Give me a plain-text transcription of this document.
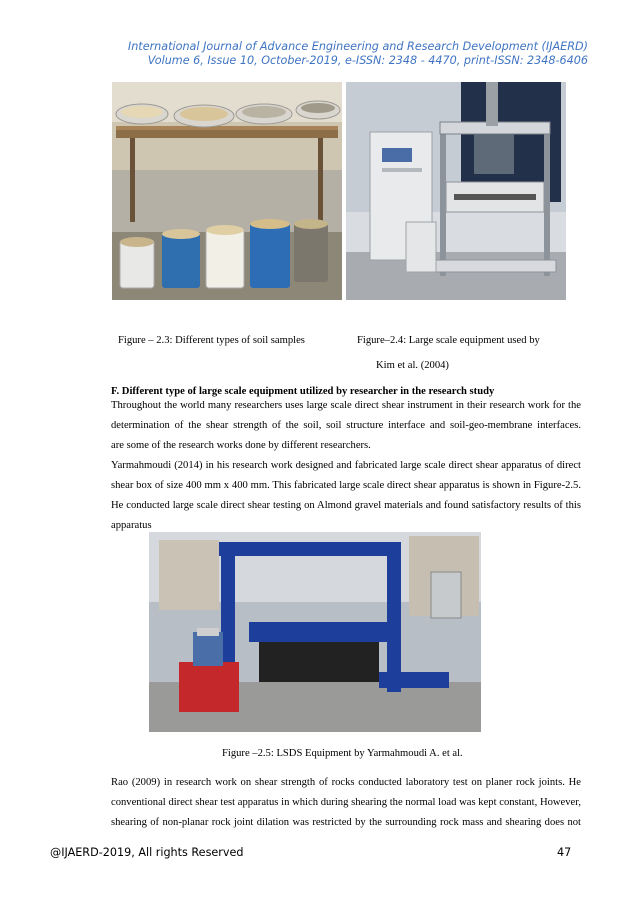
International Journal of Advance Engineering and Research Development (IJAERD)
Volume 6, Issue 10, October-2019, e-ISSN: 2348 - 4470, print-ISSN: 2348-6406
Figure – 2.3: Different types of soil samples	Figure–2.4: Large scale equipment used by
Kim et al. (2004)
F. Different type of large scale equipment utilized by researcher in the research study
Throughout the world many researchers uses large scale direct shear instrument in their research work for the
determination of the shear strength of the soil, soil structure interface and soil-geo-membrane interfaces.
are some of the research works done by different researchers.
Yarmahmoudi (2014) in his research work designed and fabricated large scale direct shear apparatus of direct
shear box of size 400 mm x 400 mm. This fabricated large scale direct shear apparatus is shown in Figure-2.5.
He conducted large scale direct shear testing on Almond gravel materials and found satisfactory results of this
apparatus
Figure –2.5: LSDS Equipment by Yarmahmoudi A. et al.
Rao (2009) in research work on shear strength of rocks conducted laboratory test on planer rock joints. He
conventional direct shear test apparatus in which during shearing the normal load was kept constant, However,
shearing of non-planar rock joint dilation was restricted by the surrounding rock mass and shearing does not
@IJAERD-2019, All rights Reserved	47
